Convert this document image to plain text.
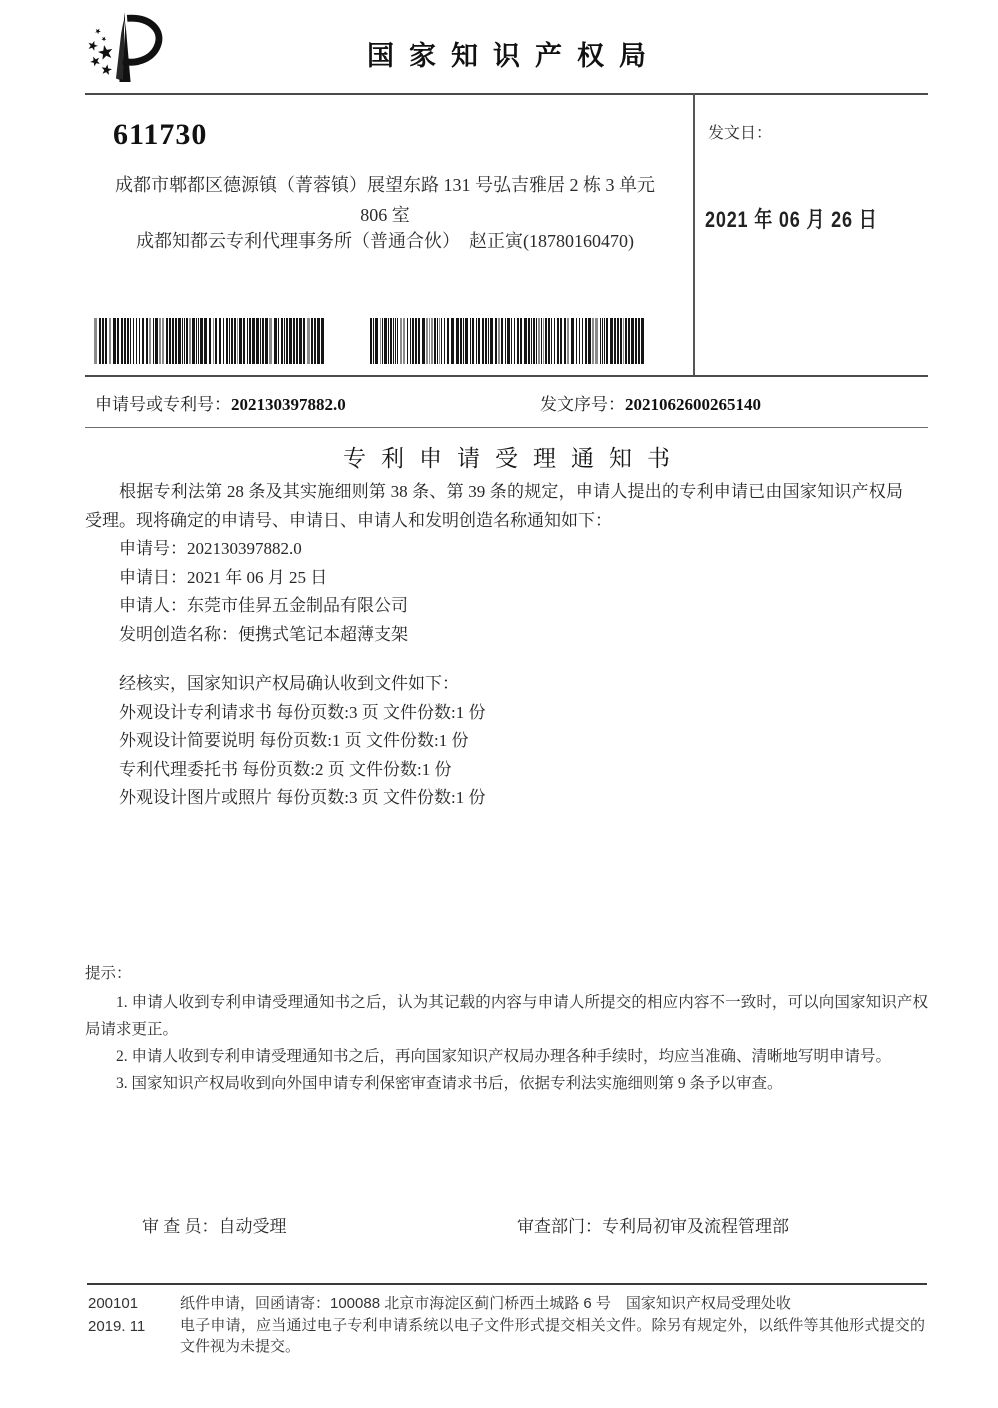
国家知识产权局
611730
成都市郫都区德源镇（菁蓉镇）展望东路 131 号弘吉雅居 2 栋 3 单元
806 室
成都知都云专利代理事务所（普通合伙）　赵正寅(18780160470)
发文日：
2021 年 06 月 26 日
申请号或专利号：202130397882.0	发文序号：2021062600265140
专利申请受理通知书

根据专利法第 28 条及其实施细则第 38 条、第 39 条的规定，申请人提出的专利申请已由国家知识产权局受理。现将确定的申请号、申请日、申请人和发明创造名称通知如下：

申请号：202130397882.0
申请日：2021 年 06 月 25 日
申请人：东莞市佳昇五金制品有限公司
发明创造名称：便携式笔记本超薄支架
经核实，国家知识产权局确认收到文件如下：
外观设计专利请求书 每份页数:3 页 文件份数:1 份
外观设计简要说明 每份页数:1 页 文件份数:1 份
专利代理委托书 每份页数:2 页 文件份数:1 份
外观设计图片或照片 每份页数:3 页 文件份数:1 份

提示：

1. 申请人收到专利申请受理通知书之后，认为其记载的内容与申请人所提交的相应内容不一致时，可以向国家知识产权局请求更正。

2. 申请人收到专利申请受理通知书之后，再向国家知识产权局办理各种手续时，均应当准确、清晰地写明申请号。

3. 国家知识产权局收到向外国申请专利保密审查请求书后，依据专利法实施细则第 9 条予以审查。

审 查 员：自动受理	审查部门：专利局初审及流程管理部
200101
2019. 11

纸件申请，回函请寄：100088 北京市海淀区蓟门桥西土城路 6 号　国家知识产权局受理处收

电子申请，应当通过电子专利申请系统以电子文件形式提交相关文件。除另有规定外，以纸件等其他形式提交的文件视为未提交。
